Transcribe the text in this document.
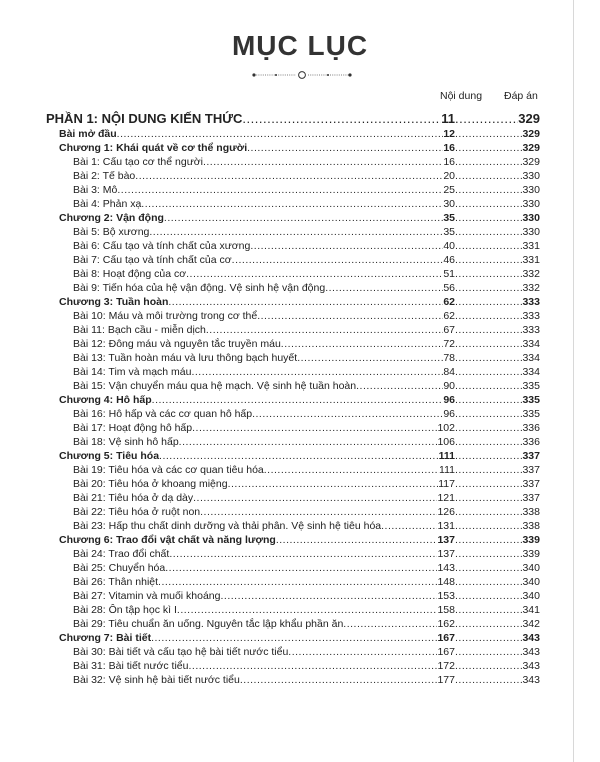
MỤC LỤC
Nội dung Đáp án
PHẦN 1: NỘI DUNG KIẾN THỨC .....	11 .....	329
Bài mở đầu .....	12 .....	329
Chương 1: Khái quát về cơ thể người .....	16 .....	329
Bài 1: Cấu tạo cơ thể người .....	16 .....	329
Bài 2: Tế bào .....	20 .....	330
Bài 3: Mô .....	25 .....	330
Bài 4: Phản xạ .....	30 .....	330
Chương 2: Vận động .....	35 .....	330
Bài 5: Bộ xương .....	35 .....	330
Bài 6: Cấu tạo và tính chất của xương .....	40 .....	331
Bài 7: Cấu tạo và tính chất của cơ .....	46 .....	331
Bài 8: Hoạt động của cơ .....	51 .....	332
Bài 9: Tiến hóa của hệ vận động. Vệ sinh hệ vận động .....	56 .....	332
Chương 3: Tuần hoàn .....	62 .....	333
Bài 10: Máu và môi trường trong cơ thể .....	62 .....	333
Bài 11: Bạch cầu - miễn dịch .....	67 .....	333
Bài 12: Đông máu và nguyên tắc truyền máu .....	72 .....	334
Bài 13: Tuần hoàn máu và lưu thông bạch huyết .....	78 .....	334
Bài 14: Tim và mạch máu .....	84 .....	334
Bài 15: Vận chuyển máu qua hệ mạch. Vệ sinh hệ tuần hoàn .....	90 .....	335
Chương 4: Hô hấp .....	96 .....	335
Bài 16: Hô hấp và các cơ quan hô hấp .....	96 .....	335
Bài 17: Hoạt động hô hấp .....	102 .....	336
Bài 18: Vệ sinh hô hấp .....	106 .....	336
Chương 5: Tiêu hóa .....	111 .....	337
Bài 19: Tiêu hóa và các cơ quan tiêu hóa .....	111 .....	337
Bài 20: Tiêu hóa ở khoang miệng .....	117 .....	337
Bài 21: Tiêu hóa ở dạ dày .....	121 .....	337
Bài 22: Tiêu hóa ở ruột non .....	126 .....	338
Bài 23: Hấp thu chất dinh dưỡng và thải phân. Vệ sinh hệ tiêu hóa .....	131 .....	338
Chương 6: Trao đổi vật chất và năng lượng .....	137 .....	339
Bài 24: Trao đổi chất .....	137 .....	339
Bài 25: Chuyển hóa .....	143 .....	340
Bài 26: Thân nhiệt .....	148 .....	340
Bài 27: Vitamin và muối khoáng .....	153 .....	340
Bài 28: Ôn tập học kì I .....	158 .....	341
Bài 29: Tiêu chuẩn ăn uống. Nguyên tắc lập khẩu phần ăn .....	162 .....	342
Chương 7: Bài tiết .....	167 .....	343
Bài 30: Bài tiết và cấu tạo hệ bài tiết nước tiểu .....	167 .....	343
Bài 31: Bài tiết nước tiểu .....	172 .....	343
Bài 32: Vệ sinh hệ bài tiết nước tiểu .....	177 .....	343
